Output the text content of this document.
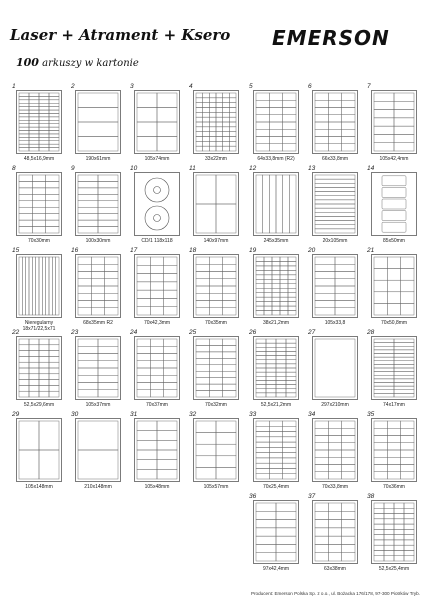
Laser + Atrament + Ksero
100 arkuszy w kartonie
EMERSON
1
48,5x16,9mm
2
190x61mm
3
105x74mm
4
33x22mm
5
64x33,8mm (R2)
6
66x33,8mm
7
105x42,4mm
8
70x30mm
9
100x30mm
10
CD/1 118x118
11
140x97mm
12
245x35mm
13
20x105mm
14
85x50mm
15
Nieregularny 18x71/22,5x71
16
68x35mm R2
17
70x42,3mm
18
70x35mm
19
38x21,2mm
20
105x33,8
21
70x50,8mm
22
52,5x29,6mm
23
105x37mm
24
70x37mm
25
70x32mm
26
52,5x21,2mm
27
297x210mm
28
74x17mm
29
105x148mm
30
210x148mm
31
105x48mm
32
105x57mm
33
70x25,4mm
34
70x33,8mm
35
70x36mm
36
97x42,4mm
37
63x38mm
38
52,5x25,4mm
Producent: Emerson Polska Sp. z o.o., ul. Bożacka 176/178, 97-300 Piotrków Tryb.
